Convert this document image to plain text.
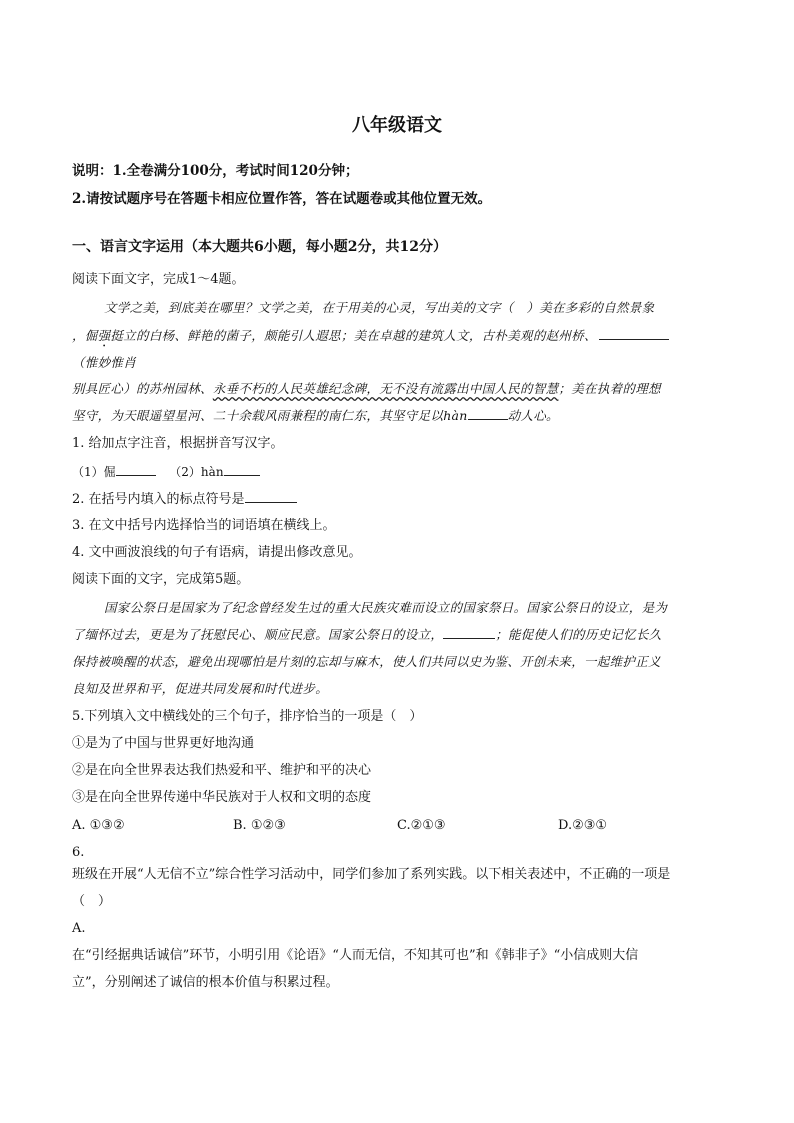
八年级语文
说明：1.全卷满分100分，考试时间120分钟；
2.请按试题序号在答题卡相应位置作答，答在试题卷或其他位置无效。
一、语言文字运用（本大题共6小题，每小题2分，共12分）
阅读下面文字，完成1～4题。
文学之美，到底美在哪里？文学之美，在于用美的心灵，写出美的文字（　）美在多彩的自然景象
，倔强挺立的白杨、鲜艳的菌子，颇能引人遐思；美在卓越的建筑人文，古朴美观的赵州桥、
（惟妙惟肖
别具匠心）的苏州园林、永垂不朽的人民英雄纪念碑，无不没有流露出中国人民的智慧；美在执着的理想
坚守，为天眼遥望星河、二十余载风雨兼程的南仁东，其坚守足以hàn	动人心。
1. 给加点字注音，根据拼音写汉字。
（1）倔	（2）hàn
2. 在括号内填入的标点符号是
3. 在文中括号内选择恰当的词语填在横线上。
4. 文中画波浪线的句子有语病，请提出修改意见。
阅读下面的文字，完成第5题。
国家公祭日是国家为了纪念曾经发生过的重大民族灾难而设立的国家祭日。国家公祭日的设立，是为
了缅怀过去，更是为了抚慰民心、顺应民意。国家公祭日的设立，	；能促使人们的历史记忆长久
保持被唤醒的状态，避免出现哪怕是片刻的忘却与麻木，使人们共同以史为鉴、开创未来，一起维护正义
良知及世界和平，促进共同发展和时代进步。
5.下列填入文中横线处的三个句子，排序恰当的一项是（　）
①是为了中国与世界更好地沟通
②是在向全世界表达我们热爱和平、维护和平的决心
③是在向全世界传递中华民族对于人权和文明的态度
A. ①③②	B. ①②③	C.②①③	D.②③①
6.
班级在开展“人无信不立”综合性学习活动中，同学们参加了系列实践。以下相关表述中，不正确的一项是
（　）
A.
在“引经据典话诚信”环节，小明引用《论语》“人而无信，不知其可也”和《韩非子》“小信成则大信
立”，分别阐述了诚信的根本价值与积累过程。
